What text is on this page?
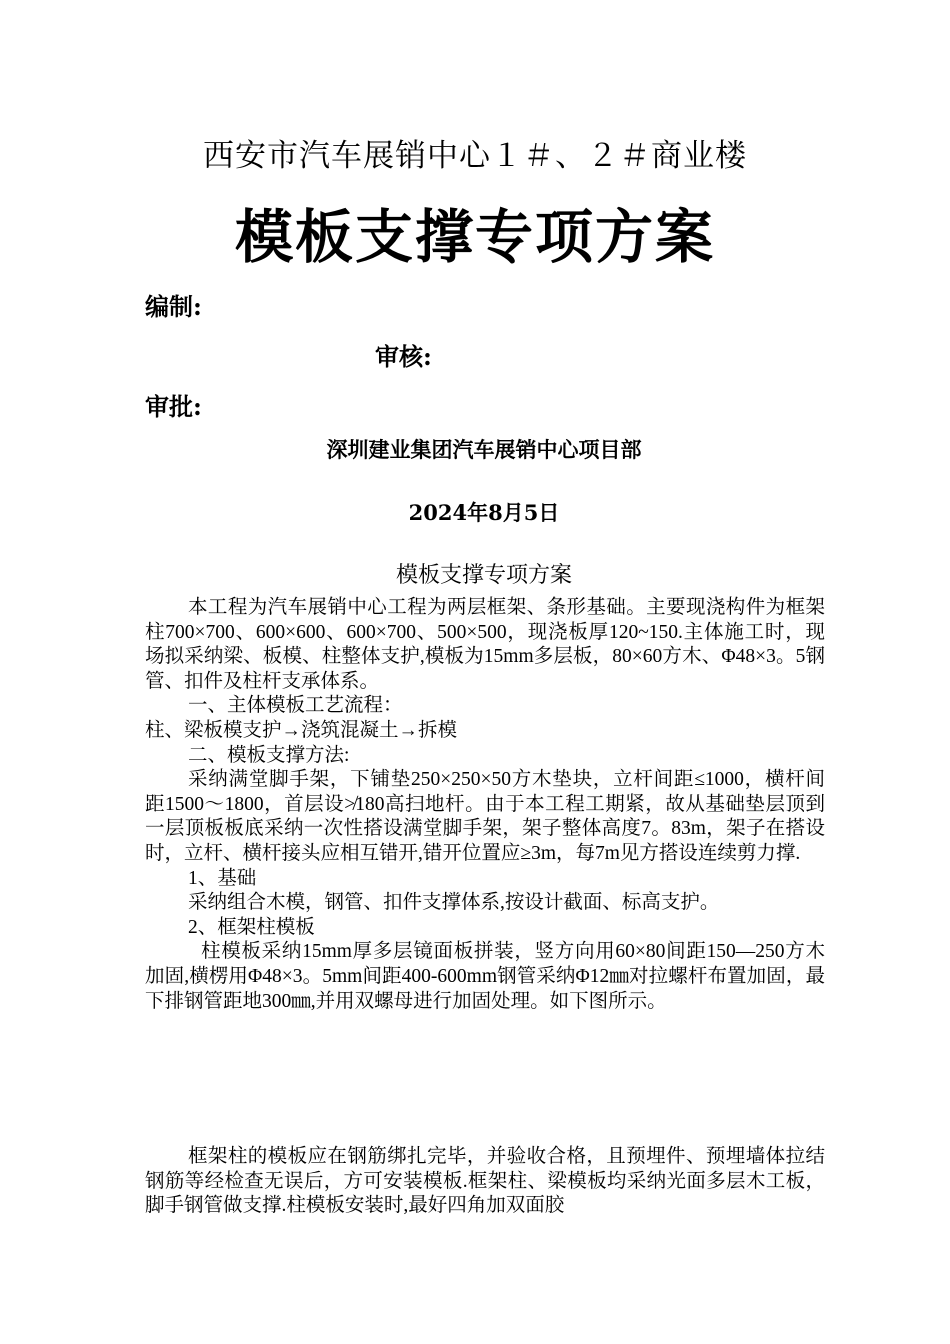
西安市汽车展销中心１＃、２＃商业楼
模板支撑专项方案
编制:
审核:
审批:
深圳建业集团汽车展销中心项目部
2024年8月5日
模板支撑专项方案

本工程为汽车展销中心工程为两层框架、条形基础。主要现浇构件为框架柱700×700、600×600、600×700、500×500，现浇板厚120~150.主体施工时，现场拟采纳梁、板模、柱整体支护,模板为15mm多层板，80×60方木、Φ48×3。5钢管、扣件及柱杆支承体系。

一、主体模板工艺流程：

柱、梁板模支护→浇筑混凝土→拆模

二、模板支撑方法:

采纳满堂脚手架，下铺垫250×250×50方木垫块，立杆间距≤1000，横杆间距1500～1800，首层设≯180高扫地杆。由于本工程工期紧，故从基础垫层顶到一层顶板板底采纳一次性搭设满堂脚手架，架子整体高度7。83m，架子在搭设时，立杆、横杆接头应相互错开,错开位置应≥3m，每7m见方搭设连续剪力撑.

1、基础

采纳组合木模，钢管、扣件支撑体系,按设计截面、标高支护。

2、框架柱模板

柱模板采纳15mm厚多层镜面板拼装，竖方向用60×80间距150—250方木加固,横楞用Φ48×3。5mm间距400-600mm钢管采纳Φ12㎜对拉螺杆布置加固，最下排钢管距地300㎜,并用双螺母进行加固处理。如下图所示。

框架柱的模板应在钢筋绑扎完毕，并验收合格，且预埋件、预埋墙体拉结钢筋等经检查无误后，方可安装模板.框架柱、梁模板均采纳光面多层木工板，脚手钢管做支撑.柱模板安装时,最好四角加双面胶
